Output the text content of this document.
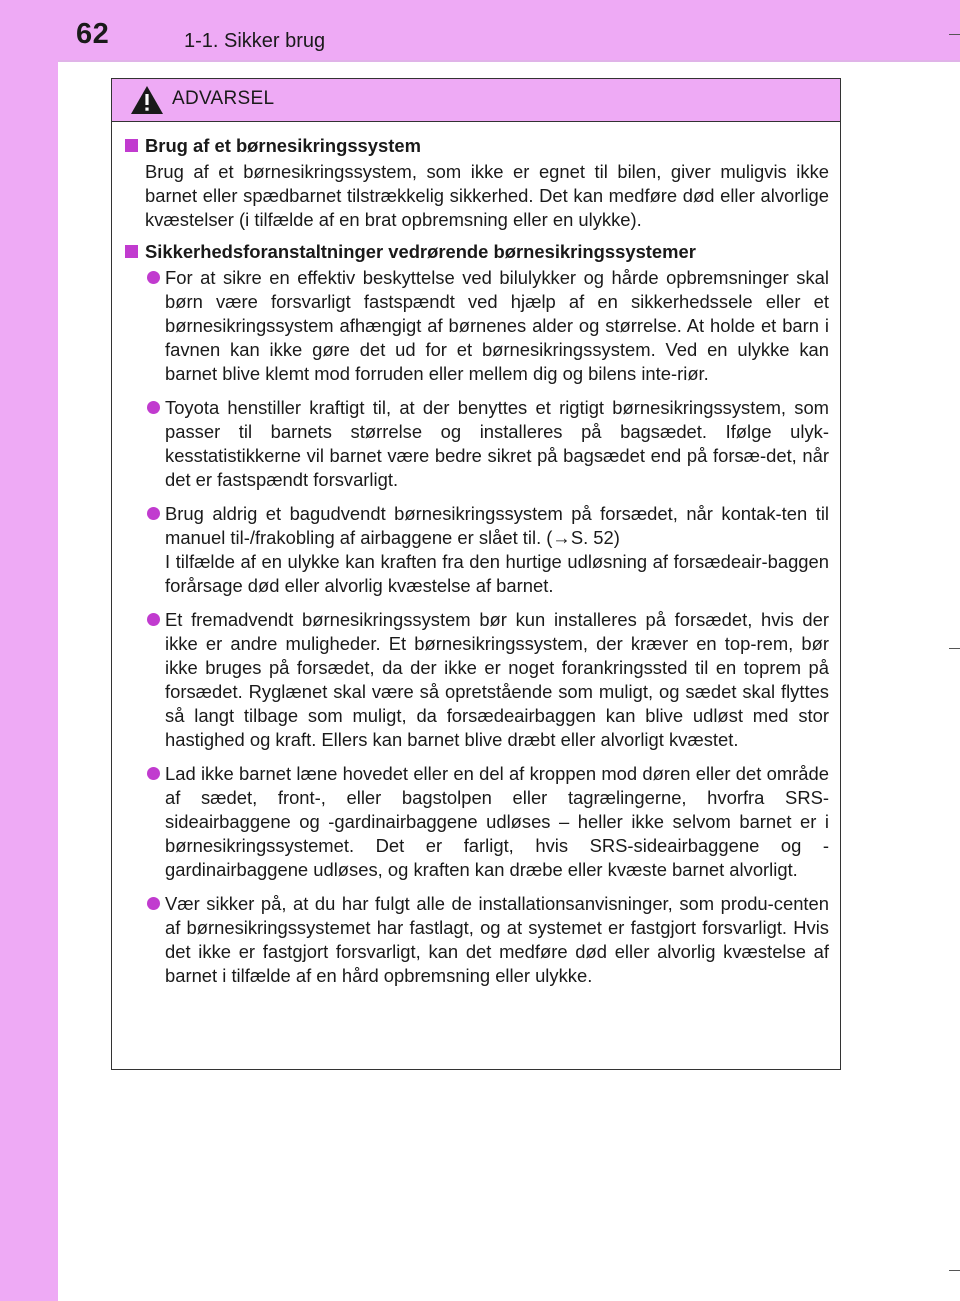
62	1-1. Sikker brug
ADVARSEL
Brug af et børnesikringssystem
Brug af et børnesikringssystem, som ikke er egnet til bilen, giver muligvis ikke barnet eller spædbarnet tilstrækkelig sikkerhed. Det kan medføre død eller alvorlige kvæstelser (i tilfælde af en brat opbremsning eller en ulykke).
Sikkerhedsforanstaltninger vedrørende børnesikringssystemer
For at sikre en effektiv beskyttelse ved bilulykker og hårde opbremsninger skal børn være forsvarligt fastspændt ved hjælp af en sikkerhedssele eller et børnesikringssystem afhængigt af børnenes alder og størrelse. At holde et barn i favnen kan ikke gøre det ud for et børnesikringssystem. Ved en ulykke kan barnet blive klemt mod forruden eller mellem dig og bilens inte-riør.
Toyota henstiller kraftigt til, at der benyttes et rigtigt børnesikringssystem, som passer til barnets størrelse og installeres på bagsædet. Ifølge ulyk-kesstatistikkerne vil barnet være bedre sikret på bagsædet end på forsæ-det, når det er fastspændt forsvarligt.
Brug aldrig et bagudvendt børnesikringssystem på forsædet, når kontak-ten til manuel til-/frakobling af airbaggene er slået til. (→S. 52)
I tilfælde af en ulykke kan kraften fra den hurtige udløsning af forsædeair-baggen forårsage død eller alvorlig kvæstelse af barnet.
Et fremadvendt børnesikringssystem bør kun installeres på forsædet, hvis der ikke er andre muligheder. Et børnesikringssystem, der kræver en top-rem, bør ikke bruges på forsædet, da der ikke er noget forankringssted til en toprem på forsædet. Ryglænet skal være så opretstående som muligt, og sædet skal flyttes så langt tilbage som muligt, da forsædeairbaggen kan blive udløst med stor hastighed og kraft. Ellers kan barnet blive dræbt eller alvorligt kvæstet.
Lad ikke barnet læne hovedet eller en del af kroppen mod døren eller det område af sædet, front-, eller bagstolpen eller tagrælingerne, hvorfra SRS-sideairbaggene og -gardinairbaggene udløses – heller ikke selvom barnet er i børnesikringssystemet. Det er farligt, hvis SRS-sideairbaggene og -gardinairbaggene udløses, og kraften kan dræbe eller kvæste barnet alvorligt.
Vær sikker på, at du har fulgt alle de installationsanvisninger, som produ-centen af børnesikringssystemet har fastlagt, og at systemet er fastgjort forsvarligt. Hvis det ikke er fastgjort forsvarligt, kan det medføre død eller alvorlig kvæstelse af barnet i tilfælde af en hård opbremsning eller ulykke.
